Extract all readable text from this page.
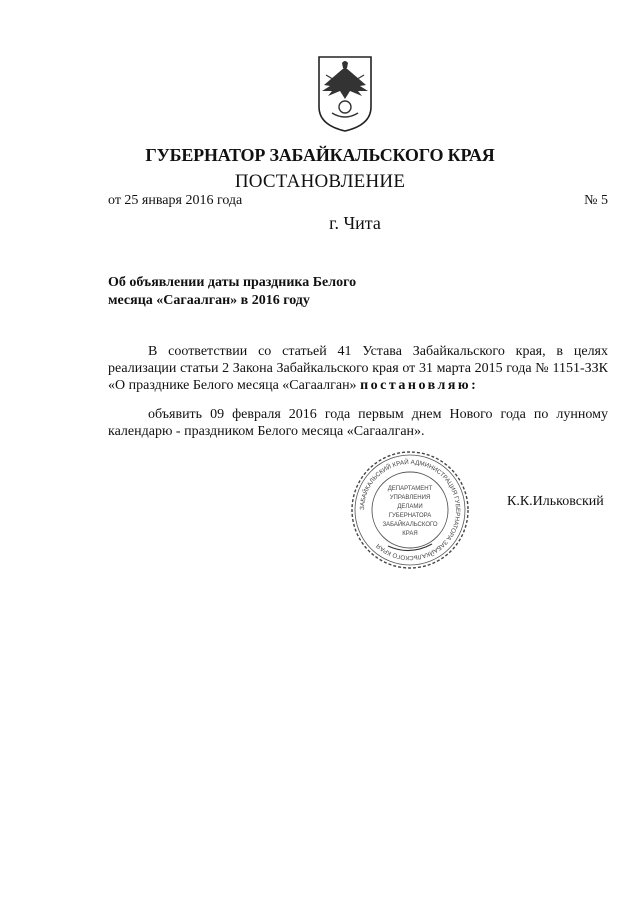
ГУБЕРНАТОР ЗАБАЙКАЛЬСКОГО КРАЯ
ПОСТАНОВЛЕНИЕ
от 25 января 2016 года	№ 5
г. Чита
Об объявлении даты праздника Белого
месяца «Сагаалган» в 2016 году
В соответствии со статьей 41 Устава Забайкальского края, в целях реализации статьи 2 Закона Забайкальского края от 31 марта 2015 года № 1151-ЗЗК «О празднике Белого месяца «Сагаалган» постановляю:
объявить 09 февраля 2016 года первым днем Нового года по лунному календарю - праздником Белого месяца «Сагаалган».
ЗАБАЙКАЛЬСКИЙ КРАЙ АДМИНИСТРАЦИЯ ГУБЕРНАТОРА ЗАБАЙКАЛЬСКОГО КРАЯ
ДЕПАРТАМЕНТ
УПРАВЛЕНИЯ
ДЕЛАМИ
ГУБЕРНАТОРА
ЗАБАЙКАЛЬСКОГО
КРАЯ
К.К.Ильковский
